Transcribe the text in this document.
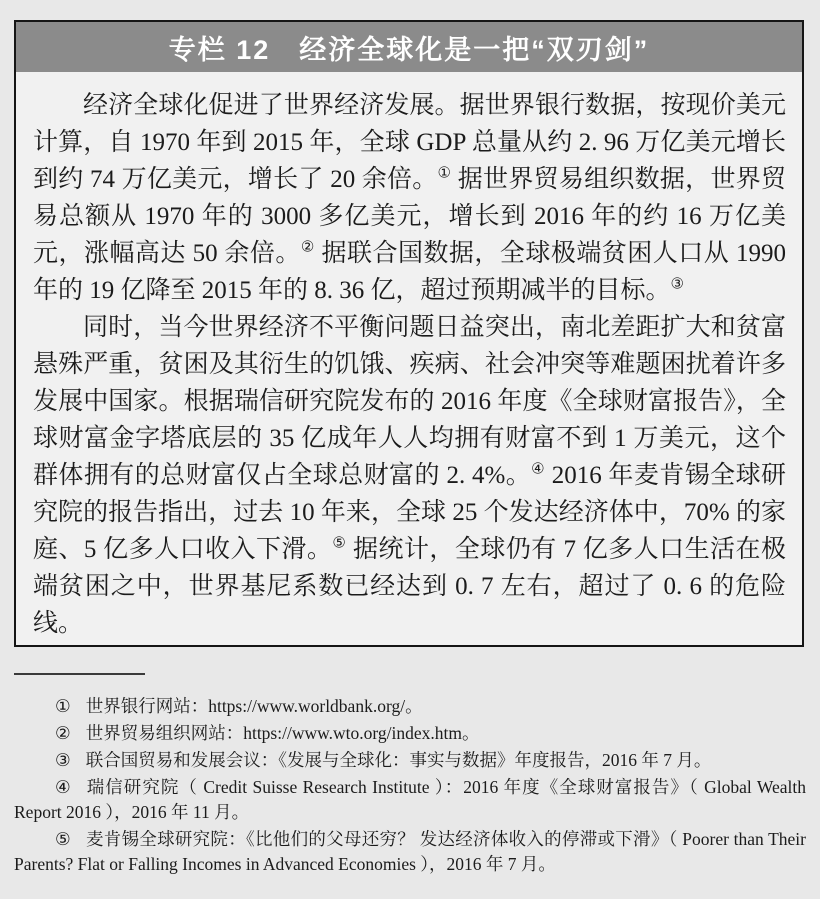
专栏 12　经济全球化是一把“双刃剑”

经济全球化促进了世界经济发展。据世界银行数据，按现价美元计算，自 1970 年到 2015 年，全球 GDP 总量从约 2. 96 万亿美元增长到约 74 万亿美元，增长了 20 余倍。① 据世界贸易组织数据，世界贸易总额从 1970 年的 3000 多亿美元，增长到 2016 年的约 16 万亿美元，涨幅高达 50 余倍。② 据联合国数据，全球极端贫困人口从 1990 年的 19 亿降至 2015 年的 8. 36 亿，超过预期减半的目标。③

同时，当今世界经济不平衡问题日益突出，南北差距扩大和贫富悬殊严重，贫困及其衍生的饥饿、疾病、社会冲突等难题困扰着许多发展中国家。根据瑞信研究院发布的 2016 年度《全球财富报告》，全球财富金字塔底层的 35 亿成年人人均拥有财富不到 1 万美元，这个群体拥有的总财富仅占全球总财富的 2. 4%。④ 2016 年麦肯锡全球研究院的报告指出，过去 10 年来，全球 25 个发达经济体中，70% 的家庭、5 亿多人口收入下滑。⑤ 据统计，全球仍有 7 亿多人口生活在极端贫困之中，世界基尼系数已经达到 0. 7 左右，超过了 0. 6 的危险线。

① 世界银行网站：https://www.worldbank.org/。

② 世界贸易组织网站：https://www.wto.org/index.htm。

③ 联合国贸易和发展会议：《发展与全球化：事实与数据》年度报告，2016 年 7 月。

④ 瑞信研究院（ Credit Suisse Research Institute ）：2016 年度《全球财富报告》（ Global Wealth Report 2016 ），2016 年 11 月。

⑤ 麦肯锡全球研究院：《比他们的父母还穷？ 发达经济体收入的停滞或下滑》（ Poorer than Their Parents? Flat or Falling Incomes in Advanced Economies ），2016 年 7 月。
